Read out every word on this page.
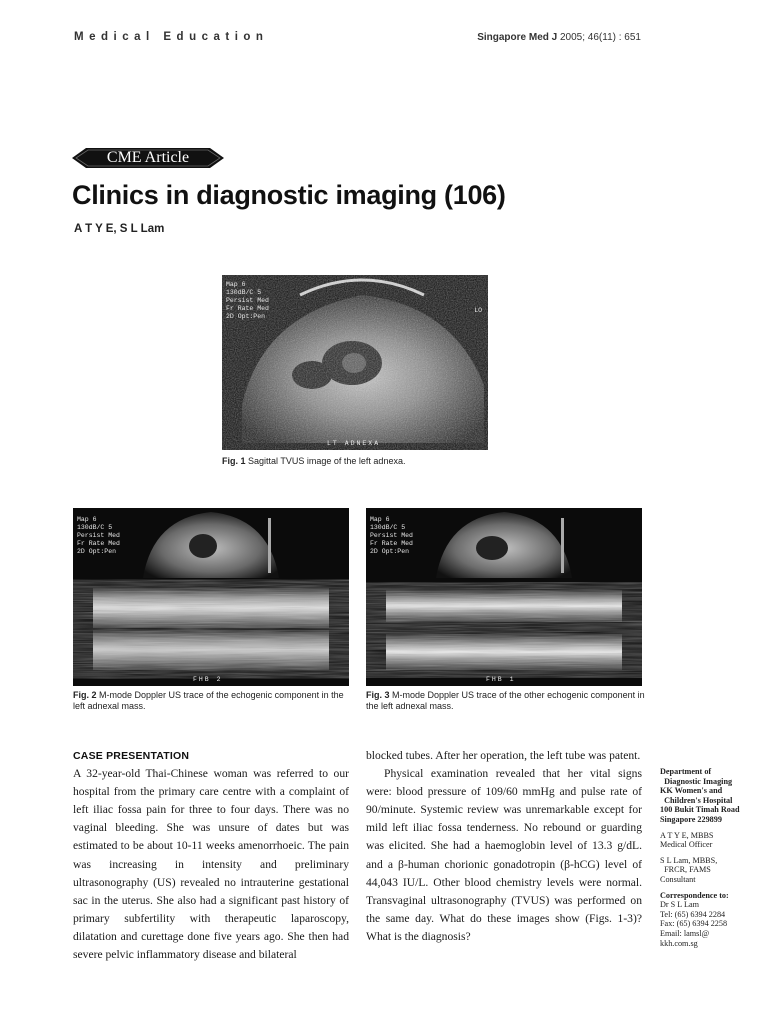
Medical Education	Singapore Med J 2005; 46(11) : 651
CME Article
Clinics in diagnostic imaging (106)
A T Y E, S L Lam
Map 6
130dB/C 5
Persist Med
Fr Rate Med
2D Opt:Pen
LO
LT ADNEXA
Fig. 1 Sagittal TVUS image of the left adnexa.
Map 6
130dB/C 5
Persist Med
Fr Rate Med
2D Opt:Pen
FHB 2
Fig. 2 M-mode Doppler US trace of the echogenic component in the left adnexal mass.
Map 6
130dB/C 5
Persist Med
Fr Rate Med
2D Opt:Pen
FHB 1
Fig. 3 M-mode Doppler US trace of the other echogenic component in the left adnexal mass.
CASE PRESENTATION

A 32-year-old Thai-Chinese woman was referred to our hospital from the primary care centre with a complaint of left iliac fossa pain for three to four days. There was no vaginal bleeding. She was unsure of dates but was estimated to be about 10-11 weeks amenorrhoeic. The pain was increasing in intensity and preliminary ultrasonography (US) revealed no intrauterine gestational sac in the uterus. She also had a significant past history of primary subfertility with therapeutic laparoscopy, dilatation and curettage done five years ago. She then had severe pelvic inflammatory disease and bilateral

blocked tubes. After her operation, the left tube was patent.

Physical examination revealed that her vital signs were: blood pressure of 109/60 mmHg and pulse rate of 90/minute. Systemic review was unremarkable except for mild left iliac fossa tenderness. No rebound or guarding was elicited. She had a haemoglobin level of 13.3 g/dL. and a β-human chorionic gonadotropin (β-hCG) level of 44,043 IU/L. Other blood chemistry levels were normal. Transvaginal ultrasonography (TVUS) was performed on the same day. What do these images show (Figs. 1-3)? What is the diagnosis?

Department of
Diagnostic Imaging
KK Women's and
Children's Hospital
100 Bukit Timah Road
Singapore 229899
A T Y E, MBBS
Medical Officer
S L Lam, MBBS,
FRCR, FAMS
Consultant
Correspondence to:
Dr S L Lam
Tel: (65) 6394 2284
Fax: (65) 6394 2258
Email: lamsl@
kkh.com.sg
